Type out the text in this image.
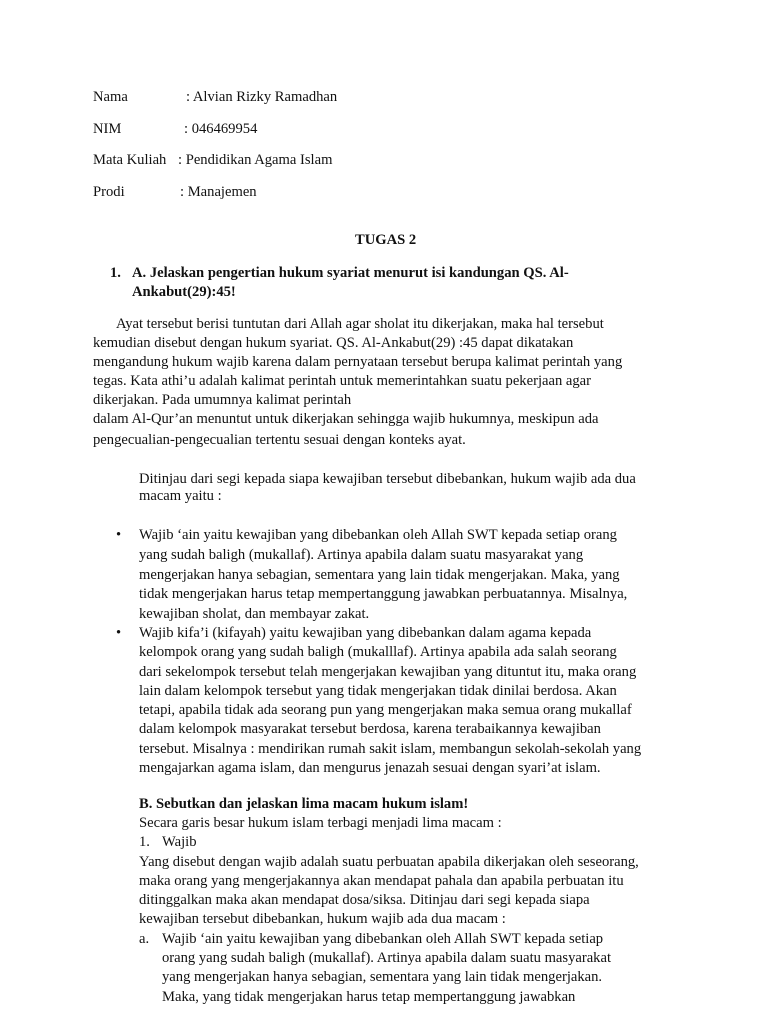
Nama	: Alvian Rizky Ramadhan
NIM	: 046469954
Mata Kuliah : Pendidikan Agama Islam
Prodi	: Manajemen
TUGAS 2
1. A. Jelaskan pengertian hukum syariat menurut isi kandungan QS. Al-
Ankabut(29):45!
Ayat tersebut berisi tuntutan dari Allah agar sholat itu dikerjakan, maka hal tersebut
kemudian disebut dengan hukum syariat. QS. Al-Ankabut(29) :45 dapat dikatakan
mengandung hukum wajib karena dalam pernyataan tersebut berupa kalimat perintah yang
tegas. Kata athi’u adalah kalimat perintah untuk memerintahkan suatu pekerjaan agar
dikerjakan. Pada umumnya kalimat perintah
dalam Al-Qur’an menuntut untuk dikerjakan sehingga wajib hukumnya, meskipun ada
pengecualian-pengecualian tertentu sesuai dengan konteks ayat.
Ditinjau dari segi kepada siapa kewajiban tersebut dibebankan, hukum wajib ada dua
macam yaitu :
• Wajib ‘ain yaitu kewajiban yang dibebankan oleh Allah SWT kepada setiap orang
yang sudah baligh (mukallaf). Artinya apabila dalam suatu masyarakat yang
mengerjakan hanya sebagian, sementara yang lain tidak mengerjakan. Maka, yang
tidak mengerjakan harus tetap mempertanggung jawabkan perbuatannya. Misalnya,
kewajiban sholat, dan membayar zakat.
• Wajib kifa’i (kifayah) yaitu kewajiban yang dibebankan dalam agama kepada
kelompok orang yang sudah baligh (mukalllaf). Artinya apabila ada salah seorang
dari sekelompok tersebut telah mengerjakan kewajiban yang dituntut itu, maka orang
lain dalam kelompok tersebut yang tidak mengerjakan tidak dinilai berdosa. Akan
tetapi, apabila tidak ada seorang pun yang mengerjakan maka semua orang mukallaf
dalam kelompok masyarakat tersebut berdosa, karena terabaikannya kewajiban
tersebut. Misalnya : mendirikan rumah sakit islam, membangun sekolah-sekolah yang
mengajarkan agama islam, dan mengurus jenazah sesuai dengan syari’at islam.
B. Sebutkan dan jelaskan lima macam hukum islam!
Secara garis besar hukum islam terbagi menjadi lima macam :
1. Wajib
Yang disebut dengan wajib adalah suatu perbuatan apabila dikerjakan oleh seseorang,
maka orang yang mengerjakannya akan mendapat pahala dan apabila perbuatan itu
ditinggalkan maka akan mendapat dosa/siksa. Ditinjau dari segi kepada siapa
kewajiban tersebut dibebankan, hukum wajib ada dua macam :
a. Wajib ‘ain yaitu kewajiban yang dibebankan oleh Allah SWT kepada setiap
orang yang sudah baligh (mukallaf). Artinya apabila dalam suatu masyarakat
yang mengerjakan hanya sebagian, sementara yang lain tidak mengerjakan.
Maka, yang tidak mengerjakan harus tetap mempertanggung jawabkan
